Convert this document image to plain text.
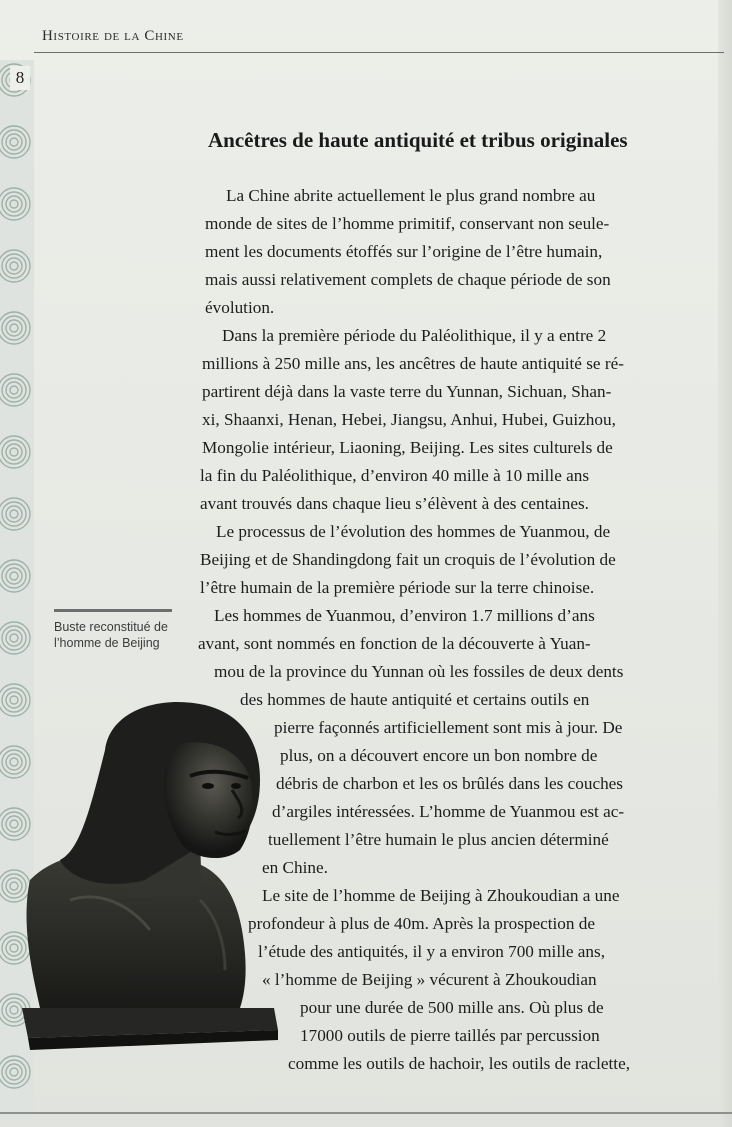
Histoire de la Chine
8
Ancêtres de haute antiquité et tribus originales
La Chine abrite actuellement le plus grand nombre au
monde de sites de l’homme primitif, conservant non seule-
ment les documents étoffés sur l’origine de l’être humain,
mais aussi relativement complets de chaque période de son
évolution.
Dans la première période du Paléolithique, il y a entre 2
millions à 250 mille ans, les ancêtres de haute antiquité se ré-
partirent déjà dans la vaste terre du Yunnan, Sichuan, Shan-
xi, Shaanxi, Henan, Hebei, Jiangsu, Anhui, Hubei, Guizhou,
Mongolie intérieur, Liaoning, Beijing. Les sites culturels de
la fin du Paléolithique, d’environ 40 mille à 10 mille ans
avant trouvés dans chaque lieu s’élèvent à des centaines.
Le processus de l’évolution des hommes de Yuanmou, de
Beijing et de Shandingdong fait un croquis de l’évolution de
l’être humain de la première période sur la terre chinoise.
Les hommes de Yuanmou, d’environ 1.7 millions d’ans
avant, sont nommés en fonction de la découverte à Yuan-
mou de la province du Yunnan où les fossiles de deux dents
des hommes de haute antiquité et certains outils en
pierre façonnés artificiellement sont mis à jour. De
plus, on a découvert encore un bon nombre de
débris de charbon et les os brûlés dans les couches
d’argiles intéressées. L’homme de Yuanmou est ac-
tuellement l’être humain le plus ancien déterminé
en Chine.
Le site de l’homme de Beijing à Zhoukoudian a une
profondeur à plus de 40m. Après la prospection de
l’étude des antiquités, il y a environ 700 mille ans,
« l’homme de Beijing » vécurent à Zhoukoudian
pour une durée de 500 mille ans. Où plus de
17000 outils de pierre taillés par percussion
comme les outils de hachoir, les outils de raclette,
Buste reconstitué de l’homme de Beijing
